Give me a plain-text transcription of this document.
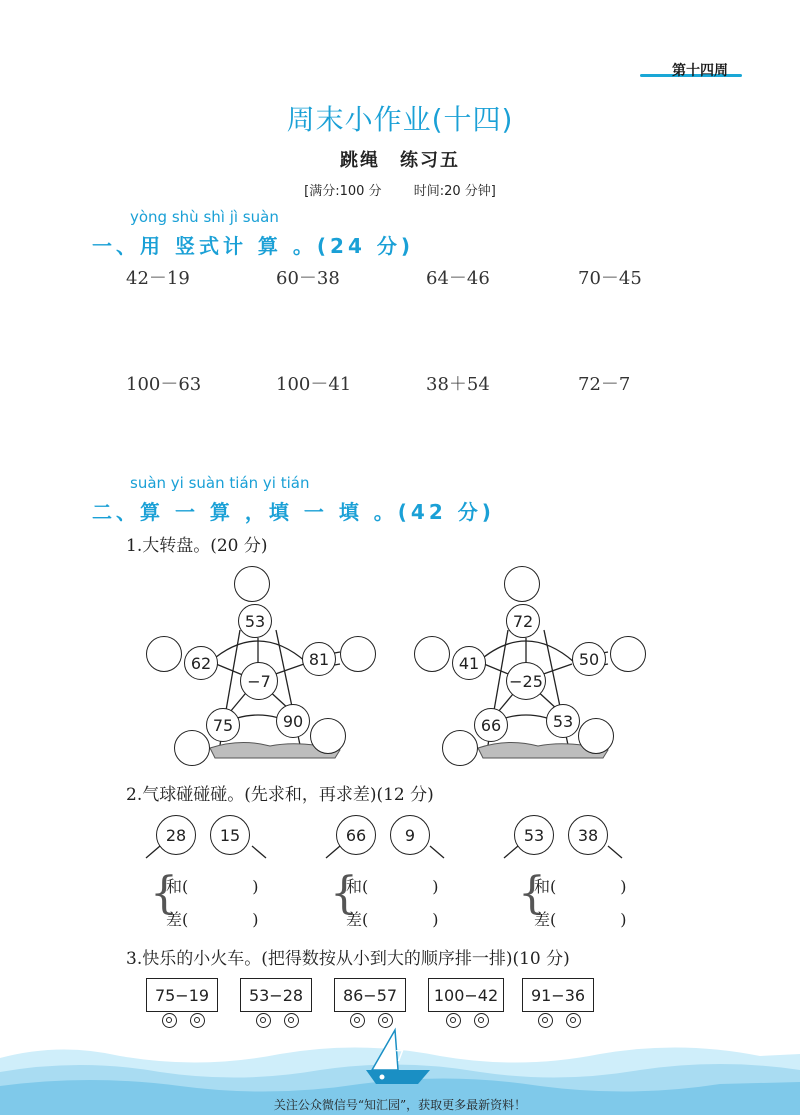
第十四周
周末小作业(十四)
跳绳　练习五
[满分:100 分 时间:20 分钟]
yòng shù shì jì suàn
一、用 竖式计 算 。(24 分)
42－19	60－38	64－46	70－45
100－63	100－41	38＋54	72－7
suàn yi suàn tián yi tián
二、算 一 算 ，填 一 填 。(42 分)
1.大转盘。(20 分)
53
62	81
−7
75	90
72
41	50
−25
66	53
2.气球碰碰碰。(先求和，再求差)(12 分)
28	15	66	9	53	38
{
和(　　　　)
差(　　　　)
{
和(　　　　)
差(　　　　)
{
和(　　　　)
差(　　　　)
3.快乐的小火车。(把得数按从小到大的顺序排一排)(10 分)
75−19	53−28	86−57	100−42	91−36
27
关注公众微信号“知汇园”，获取更多最新资料！
